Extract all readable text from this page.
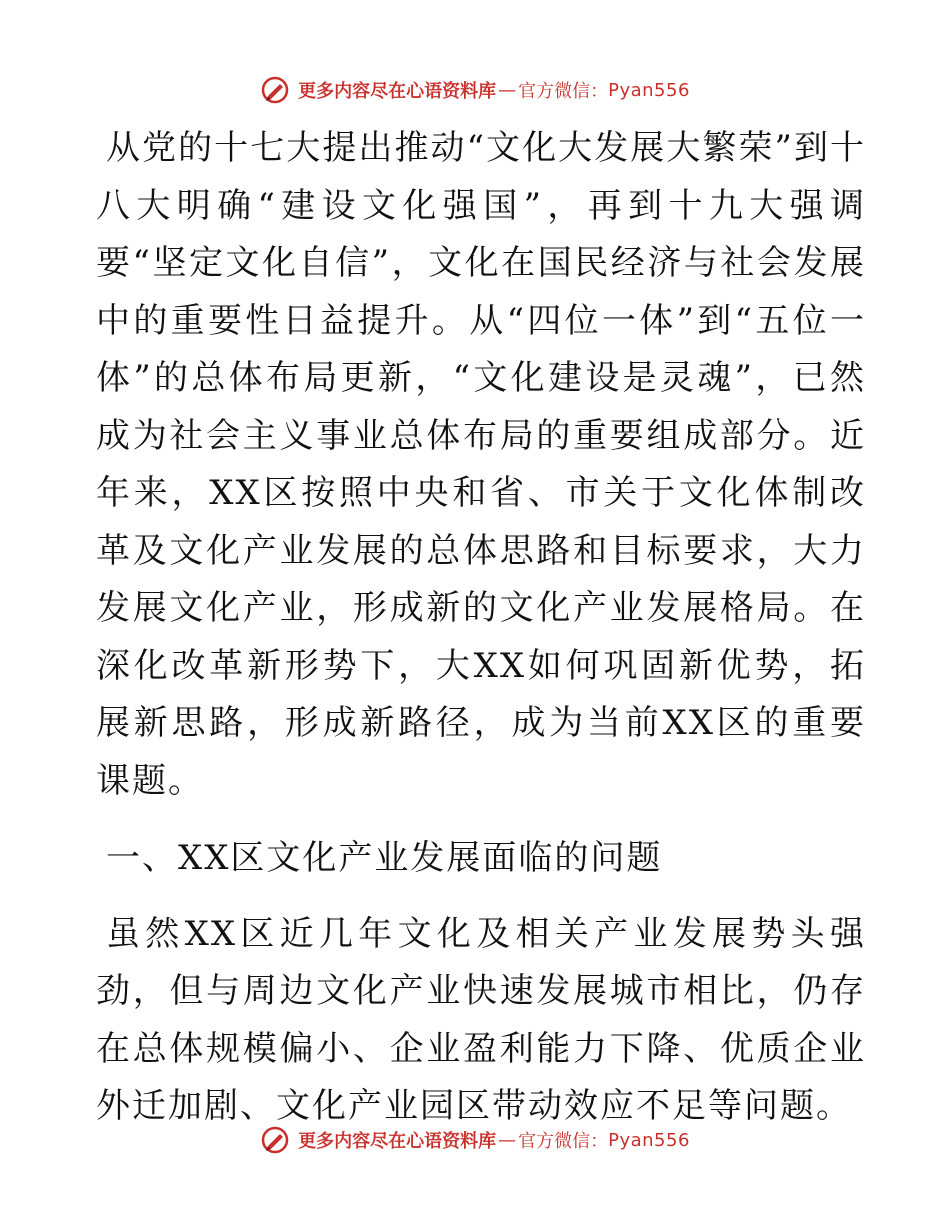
更多内容尽在心语资料库 — 官方微信： Pyan556

从党的十七大提出推动“文化大发展大繁荣”到十八大明确“建设文化强国”，再到十九大强调要“坚定文化自信”，文化在国民经济与社会发展中的重要性日益提升。从“四位一体”到“五位一体”的总体布局更新，“文化建设是灵魂”，已然成为社会主义事业总体布局的重要组成部分。近年来，XX区按照中央和省、市关于文化体制改革及文化产业发展的总体思路和目标要求，大力发展文化产业，形成新的文化产业发展格局。在深化改革新形势下，大XX如何巩固新优势，拓展新思路，形成新路径，成为当前XX区的重要课题。

一、XX区文化产业发展面临的问题

虽然XX区近几年文化及相关产业发展势头强劲，但与周边文化产业快速发展城市相比，仍存在总体规模偏小、企业盈利能力下降、优质企业外迁加剧、文化产业园区带动效应不足等问题。

更多内容尽在心语资料库 — 官方微信： Pyan556
